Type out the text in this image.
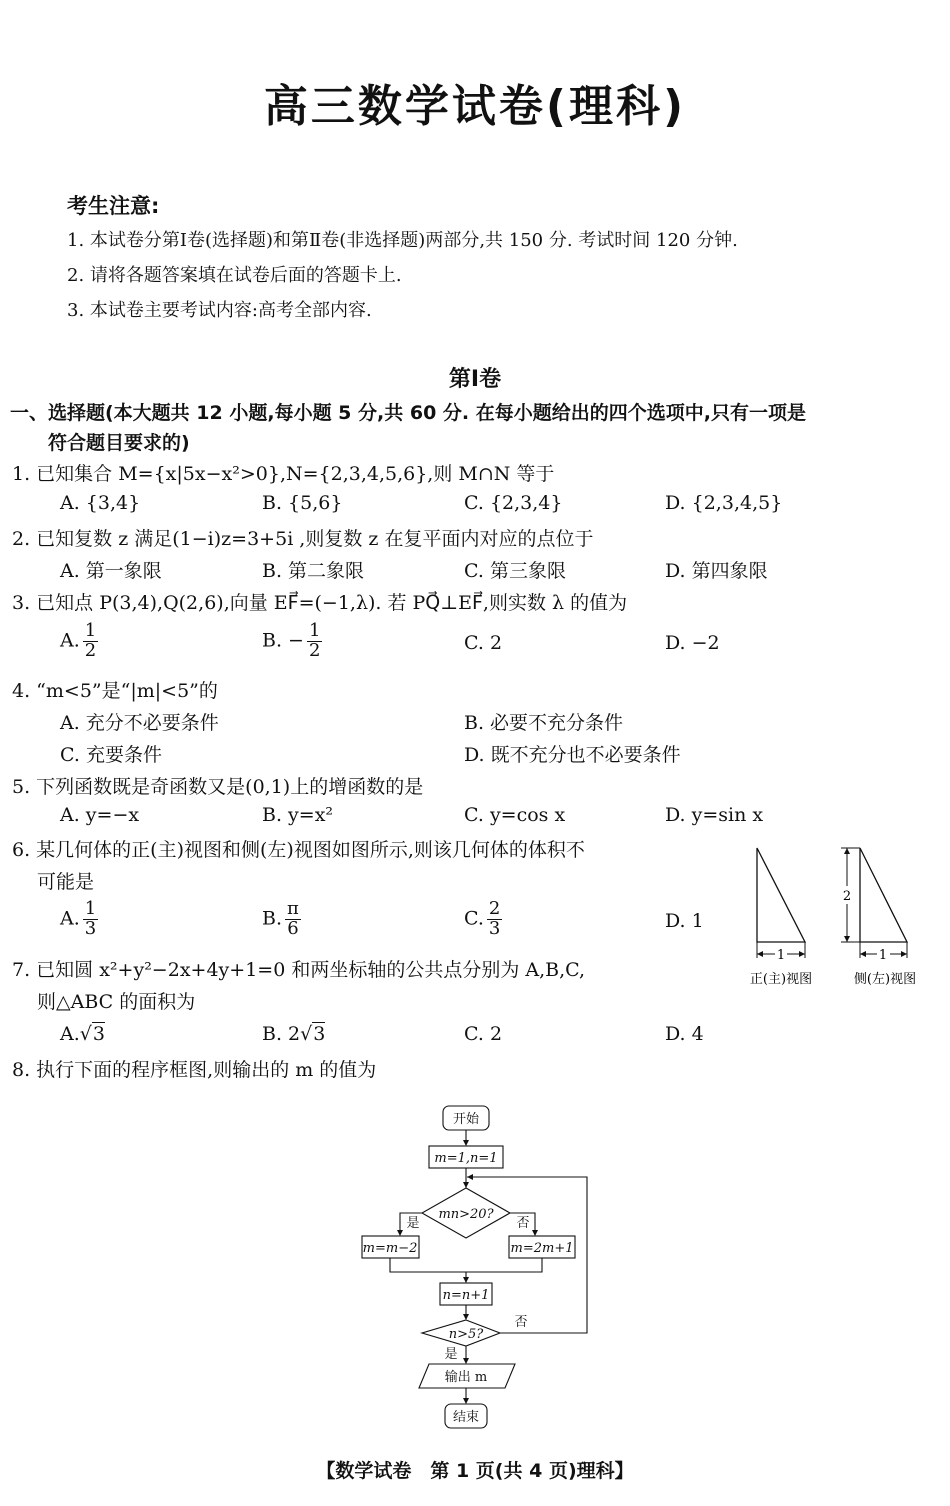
高三数学试卷(理科)
考生注意:
1. 本试卷分第Ⅰ卷(选择题)和第Ⅱ卷(非选择题)两部分,共 150 分. 考试时间 120 分钟.
2. 请将各题答案填在试卷后面的答题卡上.
3. 本试卷主要考试内容:高考全部内容.
第Ⅰ卷
一、选择题(本大题共 12 小题,每小题 5 分,共 60 分. 在每小题给出的四个选项中,只有一项是
符合题目要求的)
1. 已知集合 M={x|5x−x²>0},N={2,3,4,5,6},则 M∩N 等于
A. {3,4}	B. {5,6}	C. {2,3,4}	D. {2,3,4,5}
2. 已知复数 z 满足(1−i)z=3+5i ,则复数 z 在复平面内对应的点位于
A. 第一象限	B. 第二象限	C. 第三象限	D. 第四象限
3. 已知点 P(3,4),Q(2,6),向量 EF⃗=(−1,λ). 若 PQ⃗⊥EF⃗,则实数 λ 的值为
A. $\frac{1}{2}$	B. − $\frac{1}{2}$	C. 2	D. −2
4. “m<5”是“|m|<5”的
A. 充分不必要条件	B. 必要不充分条件
C. 充要条件	D. 既不充分也不必要条件
5. 下列函数既是奇函数又是(0,1)上的增函数的是
A. y=−x	B. y=x²	C. y=cos x	D. y=sin x
6. 某几何体的正(主)视图和侧(左)视图如图所示,则该几何体的体积不
可能是
A. $\frac{1}{3}$	B. $\frac{\pi}{6}$	C. $\frac{2}{3}$	D. 1
1
正(主)视图
2
1
侧(左)视图
7. 已知圆 x²+y²−2x+4y+1=0 和两坐标轴的公共点分别为 A,B,C,
则△ABC 的面积为
A.√3	B. 2√3	C. 2	D. 4
8. 执行下面的程序框图,则输出的 m 的值为
开始
m=1,n=1
mn>20?
是	否
m=m−2	m=2m+1
n=n+1
n>5?
否
是
输出 m
结束
【数学试卷　第 1 页(共 4 页)理科】
